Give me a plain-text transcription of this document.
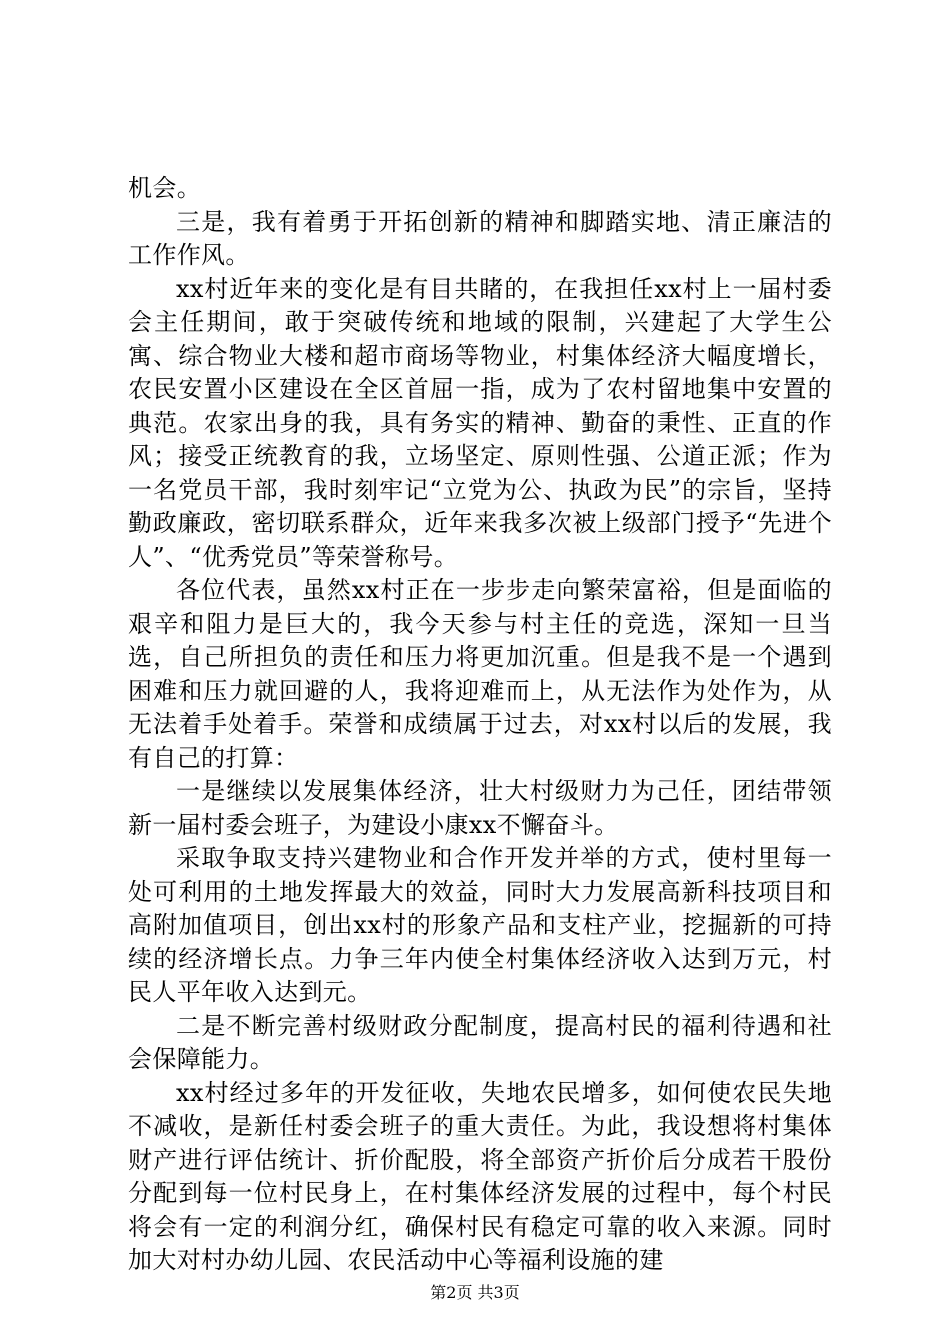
机会。

三是，我有着勇于开拓创新的精神和脚踏实地、清正廉洁的工作作风。

xx村近年来的变化是有目共睹的，在我担任xx村上一届村委会主任期间，敢于突破传统和地域的限制，兴建起了大学生公寓、综合物业大楼和超市商场等物业，村集体经济大幅度增长，农民安置小区建设在全区首屈一指，成为了农村留地集中安置的典范。农家出身的我，具有务实的精神、勤奋的秉性、正直的作风；接受正统教育的我，立场坚定、原则性强、公道正派；作为一名党员干部，我时刻牢记“立党为公、执政为民”的宗旨，坚持勤政廉政，密切联系群众，近年来我多次被上级部门授予“先进个人”、“优秀党员”等荣誉称号。

各位代表，虽然xx村正在一步步走向繁荣富裕，但是面临的艰辛和阻力是巨大的，我今天参与村主任的竞选，深知一旦当选，自己所担负的责任和压力将更加沉重。但是我不是一个遇到困难和压力就回避的人，我将迎难而上，从无法作为处作为，从无法着手处着手。荣誉和成绩属于过去，对xx村以后的发展，我有自己的打算：

一是继续以发展集体经济，壮大村级财力为己任，团结带领新一届村委会班子，为建设小康xx不懈奋斗。

采取争取支持兴建物业和合作开发并举的方式，使村里每一处可利用的土地发挥最大的效益，同时大力发展高新科技项目和高附加值项目，创出xx村的形象产品和支柱产业，挖掘新的可持续的经济增长点。力争三年内使全村集体经济收入达到万元，村民人平年收入达到元。

二是不断完善村级财政分配制度，提高村民的福利待遇和社会保障能力。

xx村经过多年的开发征收，失地农民增多，如何使农民失地不减收，是新任村委会班子的重大责任。为此，我设想将村集体财产进行评估统计、折价配股，将全部资产折价后分成若干股份分配到每一位村民身上，在村集体经济发展的过程中，每个村民将会有一定的利润分红，确保村民有稳定可靠的收入来源。同时加大对村办幼儿园、农民活动中心等福利设施的建

第2页 共3页
